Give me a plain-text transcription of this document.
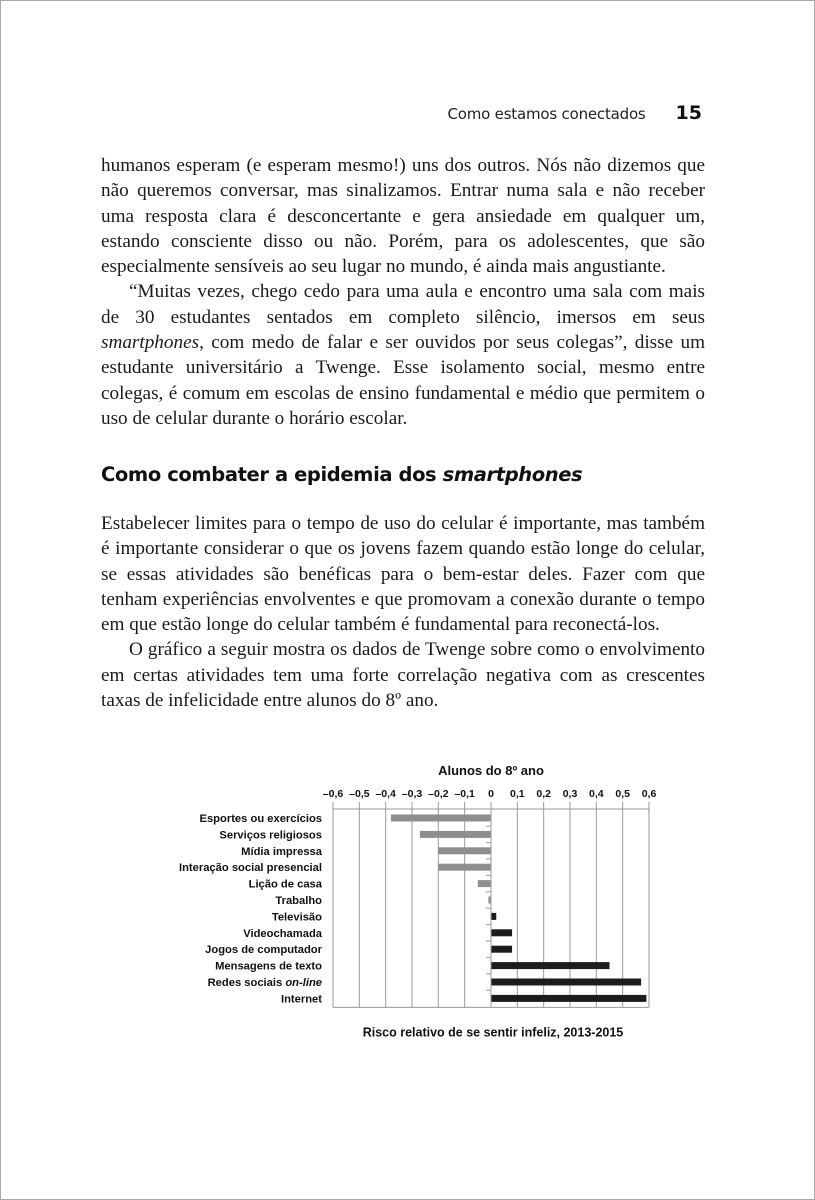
Como estamos conectados 15

humanos esperam (e esperam mesmo!) uns dos outros. Nós não dizemos que não queremos conversar, mas sinalizamos. Entrar numa sala e não receber uma resposta clara é desconcertante e gera ansiedade em qualquer um, estando consciente disso ou não. Porém, para os adolescentes, que são especialmente sensíveis ao seu lugar no mundo, é ainda mais angustiante.

“Muitas vezes, chego cedo para uma aula e encontro uma sala com mais de 30 estudantes sentados em completo silêncio, imersos em seus smartphones, com medo de falar e ser ouvidos por seus colegas”, disse um estudante universitário a Twenge. Esse isolamento social, mesmo entre colegas, é comum em escolas de ensino fundamental e médio que permitem o uso de celular durante o horário escolar.

Como combater a epidemia dos smartphones

Estabelecer limites para o tempo de uso do celular é importante, mas também é importante considerar o que os jovens fazem quando estão longe do celular, se essas atividades são benéficas para o bem-estar deles. Fazer com que tenham experiências envolventes e que promovam a conexão durante o tempo em que estão longe do celular também é fundamental para reconectá-los.

O gráfico a seguir mostra os dados de Twenge sobre como o envolvimento em certas atividades tem uma forte correlação negativa com as crescentes taxas de infelicidade entre alunos do 8º ano.

Alunos do 8º ano
–0,6 –0,5 –0,4 –0,3 –0,2 –0,1 0 0,1 0,2 0,3 0,4 0,5 0,6
Esportes ou exercícios
Serviços religiosos
Mídia impressa
Interação social presencial
Lição de casa
Trabalho
Televisão
Videochamada
Jogos de computador
Mensagens de texto
Redes sociais on-line
Internet
Risco relativo de se sentir infeliz, 2013-2015
